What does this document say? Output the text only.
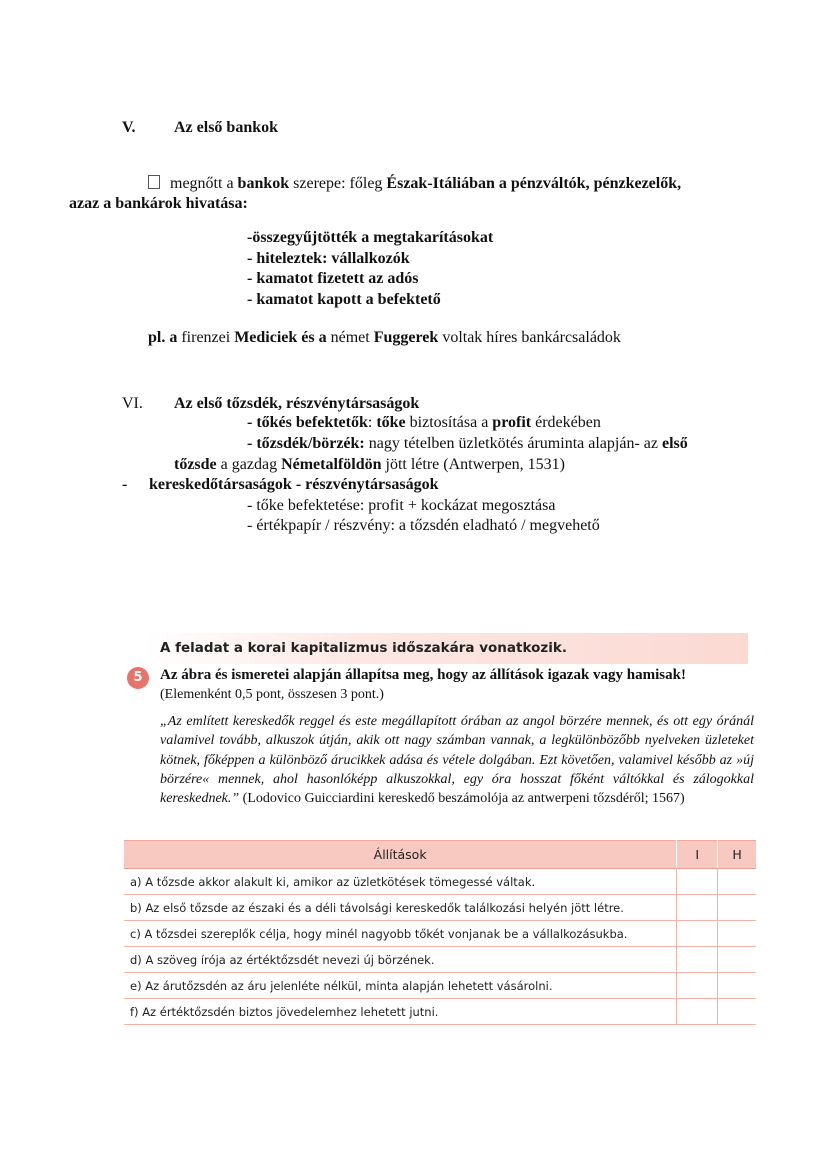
V. Az első bankok
megnőtt a bankok szerepe: főleg Észak-Itáliában a pénzváltók, pénzkezelők,
azaz a bankárok hivatása:
-összegyűjtötték a megtakarításokat
- hiteleztek: vállalkozók
- kamatot fizetett az adós
- kamatot kapott a befektető
pl. a firenzei Mediciek és a német Fuggerek voltak híres bankárcsaládok
VI. Az első tőzsdék, részvénytársaságok
- tőkés befektetők: tőke biztosítása a profit érdekében
- tőzsdék/börzék: nagy tételben üzletkötés áruminta alapján- az első
tőzsde a gazdag Németalföldön jött létre (Antwerpen, 1531)
- kereskedőtársaságok - részvénytársaságok
- tőke befektetése: profit + kockázat megosztása
- értékpapír / részvény: a tőzsdén eladható / megvehető
A feladat a korai kapitalizmus időszakára vonatkozik.
5	Az ábra és ismeretei alapján állapítsa meg, hogy az állítások igazak vagy hamisak!
(Elemenként 0,5 pont, összesen 3 pont.)
„Az említett kereskedők reggel és este megállapított órában az angol börzére mennek, és ott egy óránál valamivel tovább, alkuszok útján, akik ott nagy számban vannak, a legkülönbözőbb nyelveken üzleteket kötnek, főképpen a különböző árucikkek adása és vétele dolgában. Ezt követően, valamivel később az »új börzére« mennek, ahol hasonlóképp alkuszokkal, egy óra hosszat főként váltókkal és zálogokkal kereskednek.” (Lodovico Guicciardini kereskedő beszámolója az antwerpeni tőzsdéről; 1567)
Állítások	I	H
a) A tőzsde akkor alakult ki, amikor az üzletkötések tömegessé váltak.		
b) Az első tőzsde az északi és a déli távolsági kereskedők találkozási helyén jött létre.		
c) A tőzsdei szereplők célja, hogy minél nagyobb tőkét vonjanak be a vállalkozásukba.		
d) A szöveg írója az értéktőzsdét nevezi új börzének.		
e) Az árutőzsdén az áru jelenléte nélkül, minta alapján lehetett vásárolni.		
f) Az értéktőzsdén biztos jövedelemhez lehetett jutni.		
